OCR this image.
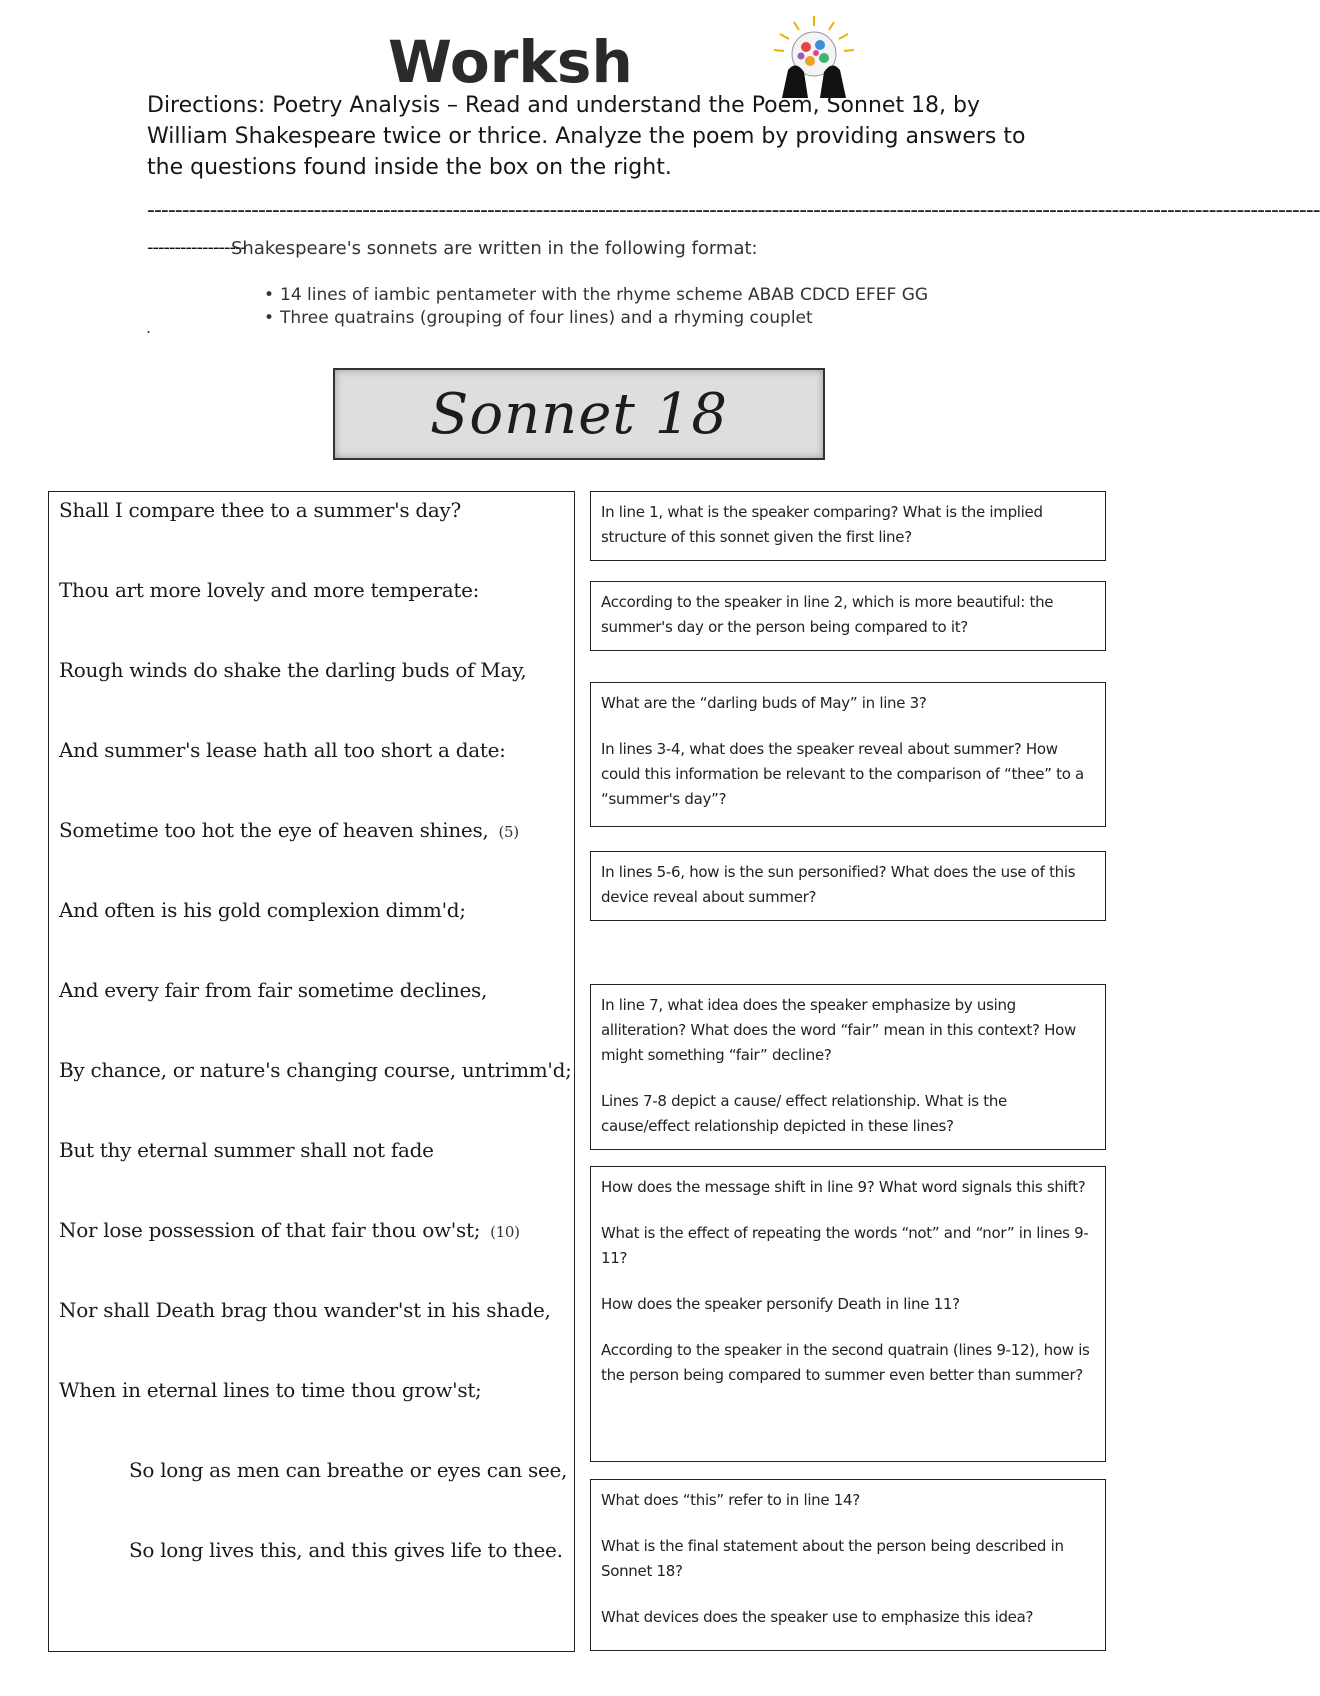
Worksh

Directions: Poetry Analysis – Read and understand the Poem, Sonnet 18, by William Shakespeare twice or thrice. Analyze the poem by providing answers to the questions found inside the box on the right.

-------------------------------------------------------------------------------------------------------------------------------------------------------------------------
------------------Shakespeare's sonnets are written in the following format:
• 14 lines of iambic pentameter with the rhyme scheme ABAB CDCD EFEF GG
• Three quatrains (grouping of four lines) and a rhyming couplet
.
Sonnet 18
Shall I compare thee to a summer's day?
Thou art more lovely and more temperate:
Rough winds do shake the darling buds of May,
And summer's lease hath all too short a date:
Sometime too hot the eye of heaven shines, (5)
And often is his gold complexion dimm'd;
And every fair from fair sometime declines,
By chance, or nature's changing course, untrimm'd;
But thy eternal summer shall not fade
Nor lose possession of that fair thou ow'st; (10)
Nor shall Death brag thou wander'st in his shade,
When in eternal lines to time thou grow'st;
So long as men can breathe or eyes can see,
So long lives this, and this gives life to thee.

In line 1, what is the speaker comparing? What is the implied structure of this sonnet given the first line?

According to the speaker in line 2, which is more beautiful: the summer's day or the person being compared to it?

What are the “darling buds of May” in line 3?

In lines 3-4, what does the speaker reveal about summer? How could this information be relevant to the comparison of “thee” to a “summer's day”?

In lines 5-6, how is the sun personified? What does the use of this device reveal about summer?

In line 7, what idea does the speaker emphasize by using alliteration? What does the word “fair” mean in this context? How might something “fair” decline?

Lines 7-8 depict a cause/ effect relationship. What is the cause/effect relationship depicted in these lines?

How does the message shift in line 9? What word signals this shift?

What is the effect of repeating the words “not” and “nor” in lines 9-11?

How does the speaker personify Death in line 11?

According to the speaker in the second quatrain (lines 9-12), how is the person being compared to summer even better than summer?

What does “this” refer to in line 14?

What is the final statement about the person being described in Sonnet 18?

What devices does the speaker use to emphasize this idea?
